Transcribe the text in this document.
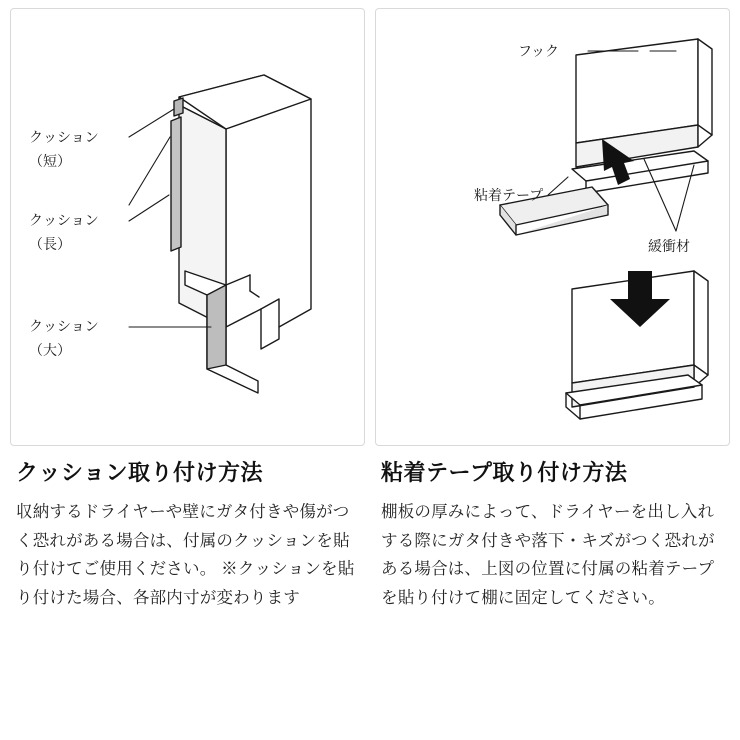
クッション
（短）
クッション
（長）
クッション
（大）
クッション取り付け方法

収納するドライヤーや壁にガタ付きや傷がつく恐れがある場合は、付属のクッションを貼り付けてご使用ください。 ※クッションを貼り付けた場合、各部内寸が変わります

フック
粘着テープ
緩衝材
粘着テープ取り付け方法

棚板の厚みによって、ドライヤーを出し入れする際にガタ付きや落下・キズがつく恐れがある場合は、上図の位置に付属の粘着テープを貼り付けて棚に固定してください。
